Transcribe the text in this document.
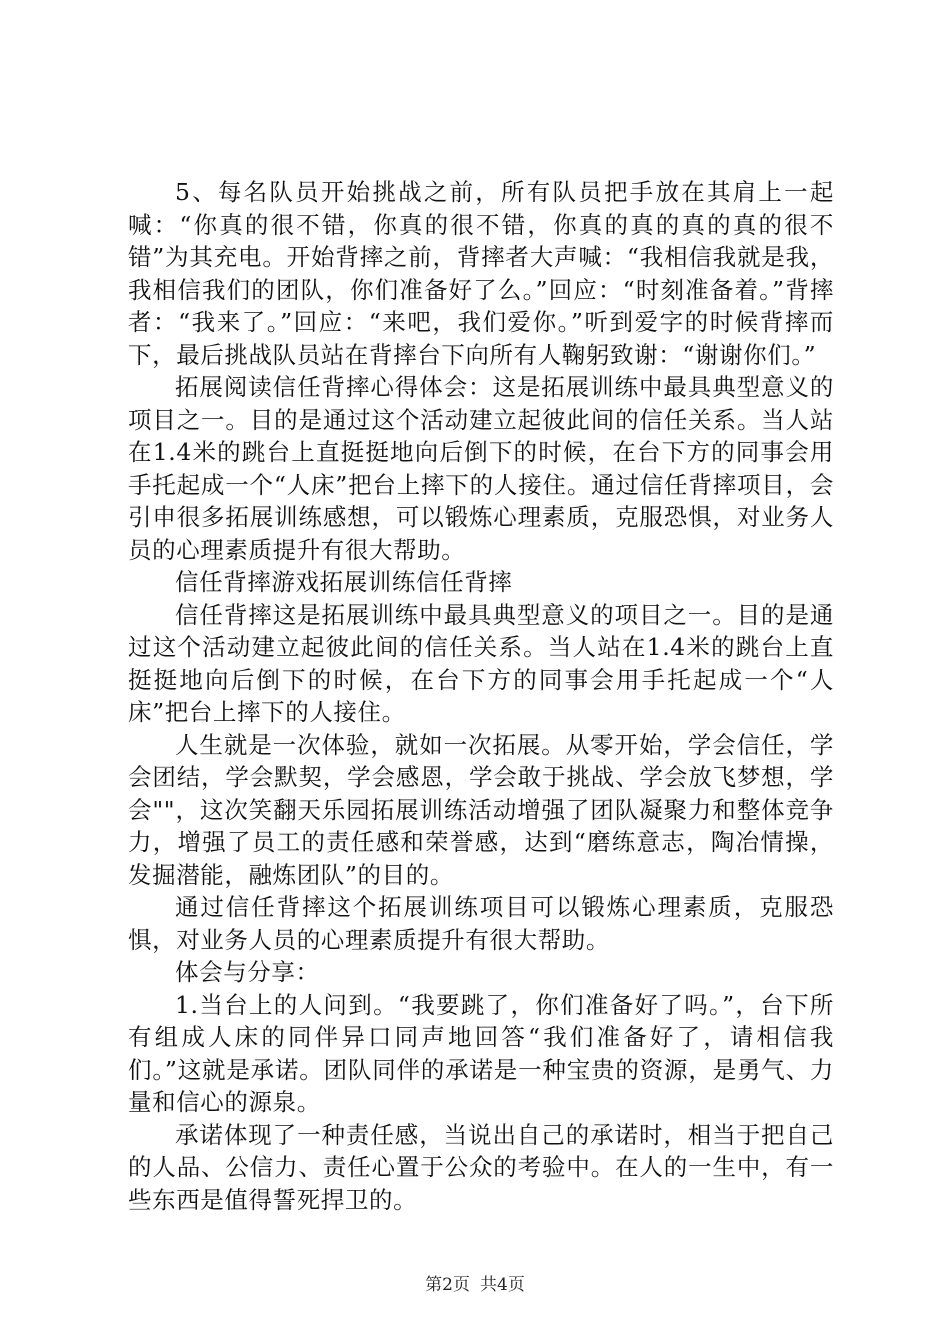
5、每名队员开始挑战之前，所有队员把手放在其肩上一起喊：“你真的很不错，你真的很不错，你真的真的真的真的很不错”为其充电。开始背摔之前，背摔者大声喊：“我相信我就是我，我相信我们的团队，你们准备好了么。”回应：“时刻准备着。”背摔者：“我来了。”回应：“来吧，我们爱你。”听到爱字的时候背摔而下，最后挑战队员站在背摔台下向所有人鞠躬致谢：“谢谢你们。”

拓展阅读信任背摔心得体会：这是拓展训练中最具典型意义的项目之一。目的是通过这个活动建立起彼此间的信任关系。当人站在1.4米的跳台上直挺挺地向后倒下的时候，在台下方的同事会用手托起成一个“人床”把台上摔下的人接住。通过信任背摔项目，会引申很多拓展训练感想，可以锻炼心理素质，克服恐惧，对业务人员的心理素质提升有很大帮助。

信任背摔游戏拓展训练信任背摔

信任背摔这是拓展训练中最具典型意义的项目之一。目的是通过这个活动建立起彼此间的信任关系。当人站在1.4米的跳台上直挺挺地向后倒下的时候，在台下方的同事会用手托起成一个“人床”把台上摔下的人接住。

人生就是一次体验，就如一次拓展。从零开始，学会信任，学会团结，学会默契，学会感恩，学会敢于挑战、学会放飞梦想，学会""，这次笑翻天乐园拓展训练活动增强了团队凝聚力和整体竞争力，增强了员工的责任感和荣誉感，达到“磨练意志，陶冶情操，发掘潜能，融炼团队”的目的。

通过信任背摔这个拓展训练项目可以锻炼心理素质，克服恐惧，对业务人员的心理素质提升有很大帮助。

体会与分享：

1.当台上的人问到。“我要跳了，你们准备好了吗。”，台下所有组成人床的同伴异口同声地回答“我们准备好了，请相信我们。”这就是承诺。团队同伴的承诺是一种宝贵的资源，是勇气、力量和信心的源泉。

承诺体现了一种责任感，当说出自己的承诺时，相当于把自己的人品、公信力、责任心置于公众的考验中。在人的一生中，有一些东西是值得誓死捍卫的。

第2页 共4页
